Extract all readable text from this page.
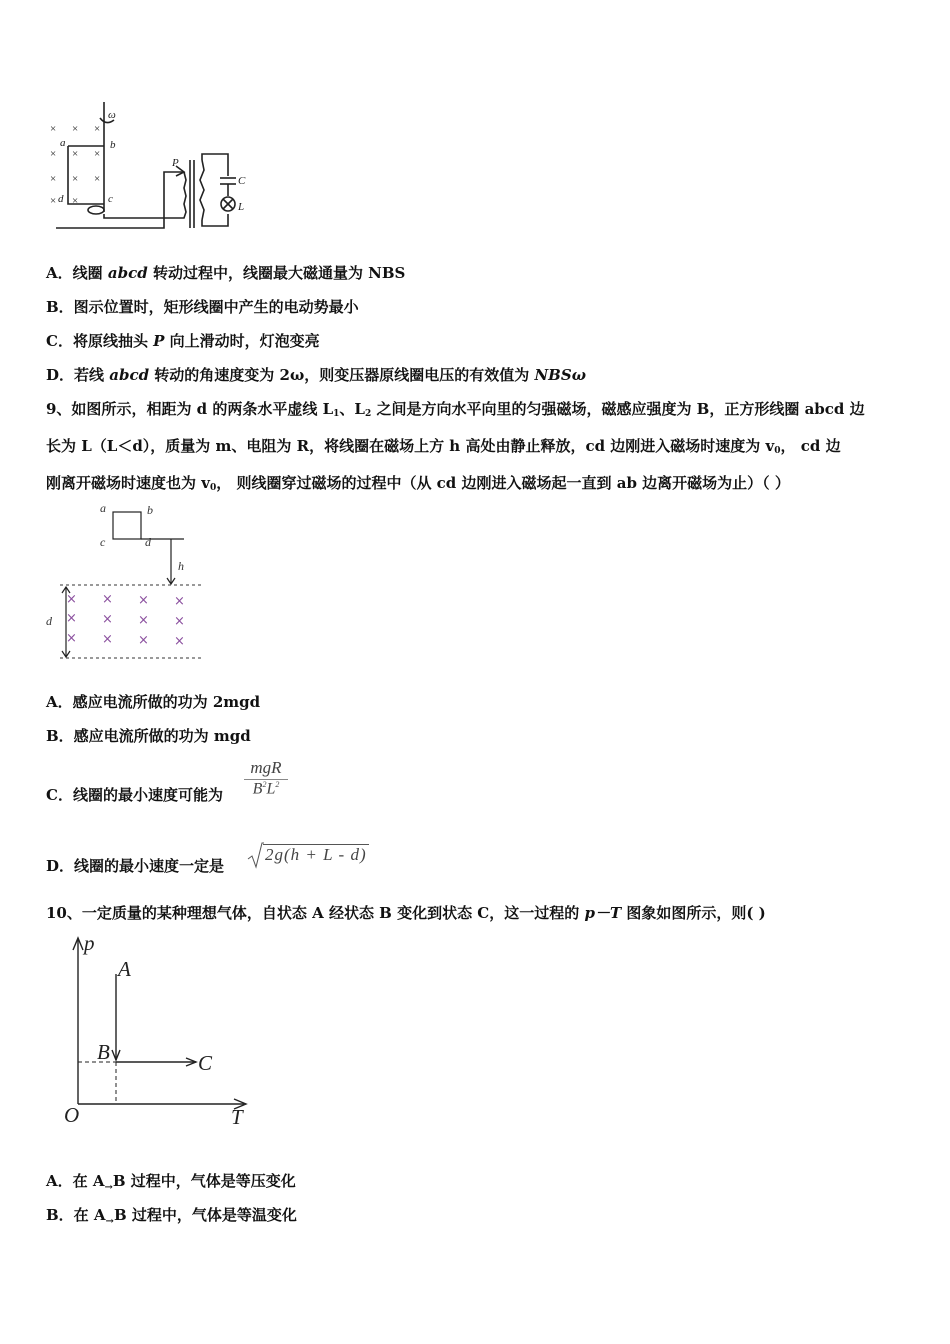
× × ×
×
×	×
× × ×
× ×
ω
a	b
c
d
P
C
L
A．线圈 abcd 转动过程中，线圈最大磁通量为 NBS
B．图示位置时，矩形线圈中产生的电动势最小
C．将原线抽头 P 向上滑动时，灯泡变亮
D．若线 abcd 转动的角速度变为 2ω，则变压器原线圈电压的有效值为 NBSω
9、如图所示，相距为 d 的两条水平虚线 $L_1$、$L_2$ 之间是方向水平向里的匀强磁场，磁感应强度为 B，正方形线圈 abcd 边
长为 L（L＜d），质量为 m、电阻为 R，将线圈在磁场上方 h 高处由静止释放，cd 边刚进入磁场时速度为 $v_0$， cd 边
刚离开磁场时速度也为 $v_0$， 则线圈穿过磁场的过程中（从 cd 边刚进入磁场起一直到 ab 边离开磁场为止）（ ）
a	b
c	d
h
d
× × × ×
× × × ×
× × × ×
A．感应电流所做的功为 2mgd
B．感应电流所做的功为 mgd
C．线圈的最小速度可能为
mgR
$B^2L^2$
D．线圈的最小速度一定是
2g(h + L - d)
10、一定质量的某种理想气体，自状态 A 经状态 B 变化到状态 C，这一过程的 p－T 图象如图所示，则( )
p
T
O
A
B	C
A．在 $A_\to B$ 过程中，气体是等压变化
B．在 $A_\to B$ 过程中，气体是等温变化
